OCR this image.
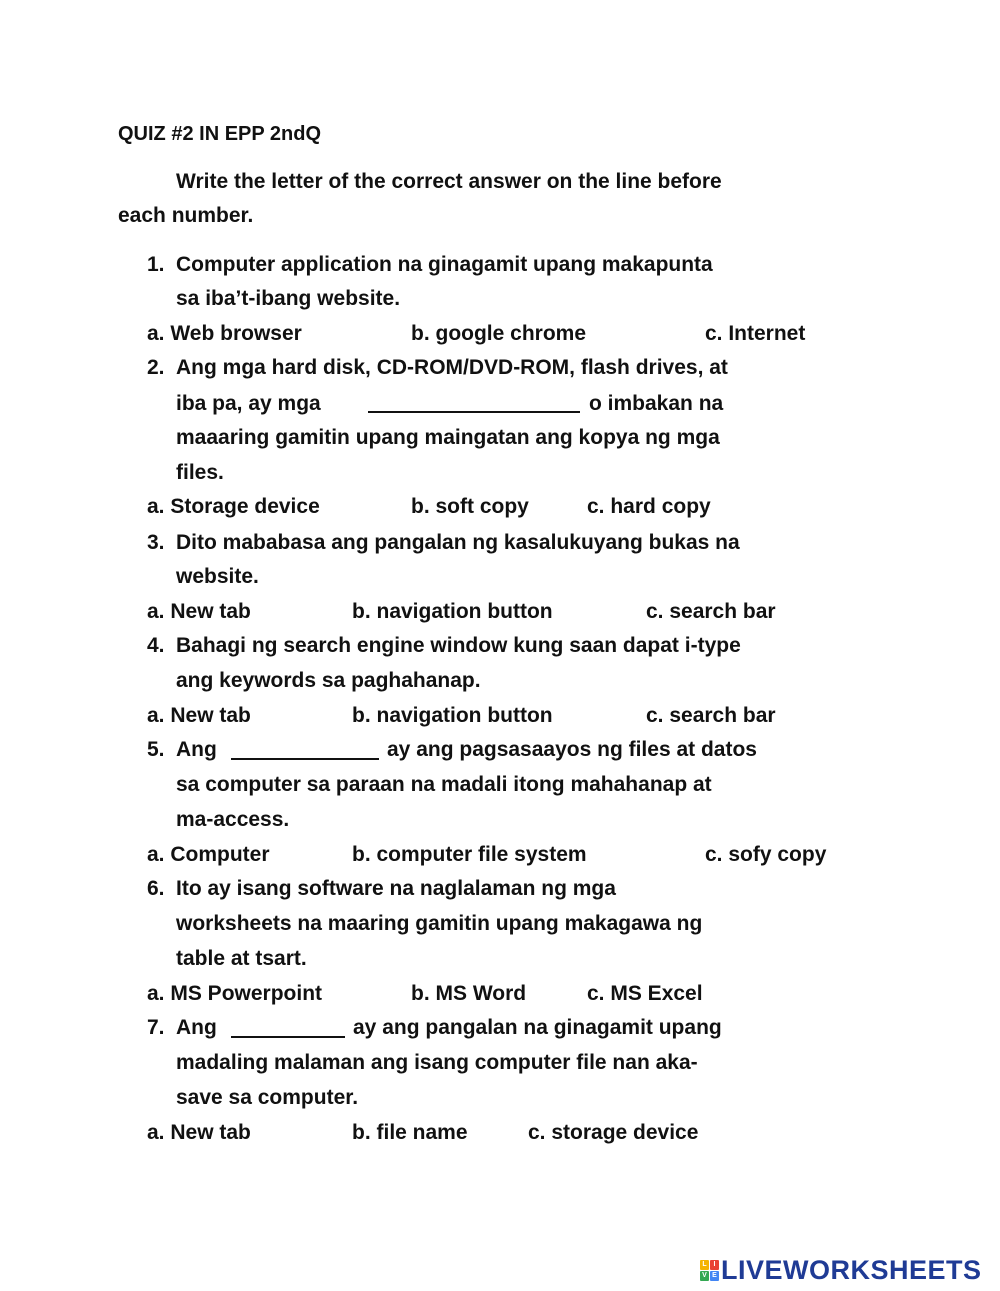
QUIZ #2 IN EPP 2ndQ
Write the letter of the correct answer on the line before
each number.
1. Computer application na ginagamit upang makapunta
sa iba’t-ibang website.
a. Web browser	b. google chrome	c. Internet
2. Ang mga hard disk, CD-ROM/DVD-ROM, flash drives, at
iba pa, ay mga	o imbakan na
maaaring gamitin upang maingatan ang kopya ng mga
files.
a. Storage device	b. soft copy	c. hard copy
3. Dito mababasa ang pangalan ng kasalukuyang bukas na
website.
a. New tab	b. navigation button	c. search bar
4. Bahagi ng search engine window kung saan dapat i-type
ang keywords sa paghahanap.
a. New tab	b. navigation button	c. search bar
5. Ang	ay ang pagsasaayos ng files at datos
sa computer sa paraan na madali itong mahahanap at
ma-access.
a. Computer	b. computer file system	c. sofy copy
6. Ito ay isang software na naglalaman ng mga
worksheets na maaring gamitin upang makagawa ng
table at tsart.
a. MS Powerpoint	b. MS Word	c. MS Excel
7. Ang	ay ang pangalan na ginagamit upang
madaling malaman ang isang computer file nan aka-
save sa computer.
a. New tab	b. file name	c. storage device
L I
V E LIVEWORKSHEETS
